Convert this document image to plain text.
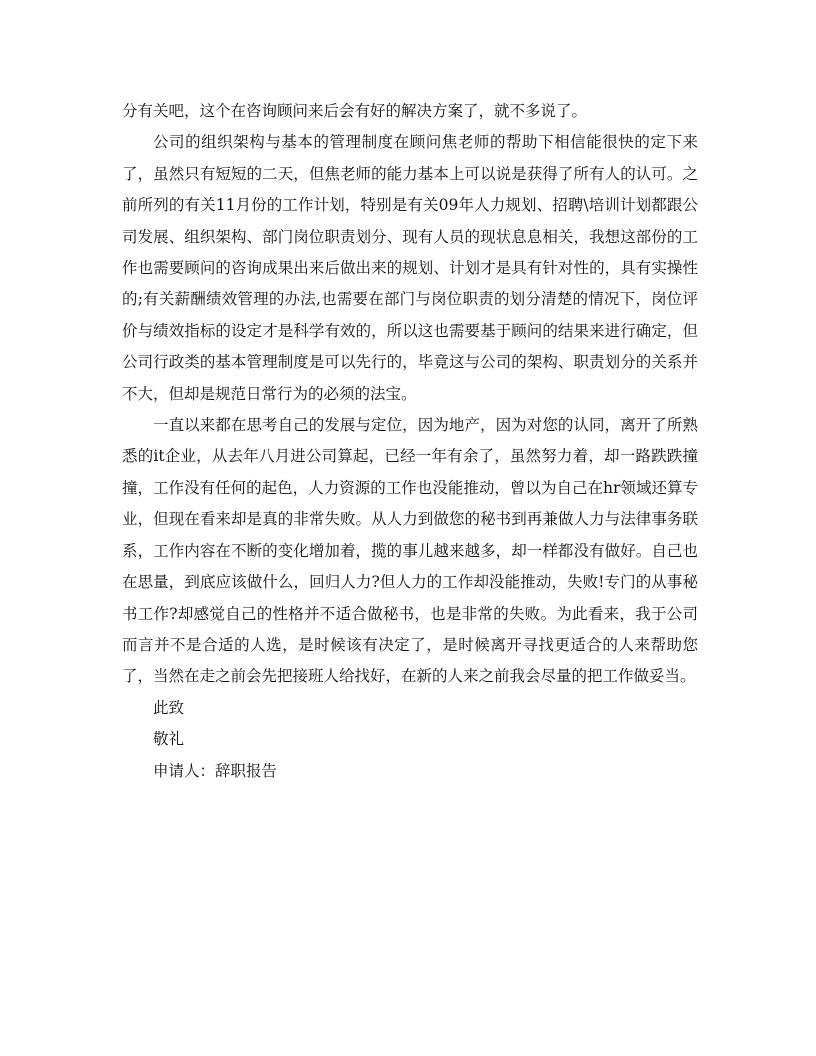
分有关吧，这个在咨询顾问来后会有好的解决方案了，就不多说了。

公司的组织架构与基本的管理制度在顾问焦老师的帮助下相信能很快的定下来了，虽然只有短短的二天，但焦老师的能力基本上可以说是获得了所有人的认可。之前所列的有关11月份的工作计划，特别是有关09年人力规划、招聘\培训计划都跟公司发展、组织架构、部门岗位职责划分、现有人员的现状息息相关，我想这部份的工作也需要顾问的咨询成果出来后做出来的规划、计划才是具有针对性的，具有实操性的;有关薪酬绩效管理的办法,也需要在部门与岗位职责的划分清楚的情况下，岗位评价与绩效指标的设定才是科学有效的，所以这也需要基于顾问的结果来进行确定，但公司行政类的基本管理制度是可以先行的，毕竟这与公司的架构、职责划分的关系并不大，但却是规范日常行为的必须的法宝。

一直以来都在思考自己的发展与定位，因为地产，因为对您的认同，离开了所熟悉的it企业，从去年八月进公司算起，已经一年有余了，虽然努力着，却一路跌跌撞撞，工作没有任何的起色，人力资源的工作也没能推动，曾以为自己在hr领域还算专业，但现在看来却是真的非常失败。从人力到做您的秘书到再兼做人力与法律事务联系，工作内容在不断的变化增加着，揽的事儿越来越多，却一样都没有做好。自己也在思量，到底应该做什么，回归人力?但人力的工作却没能推动，失败!专门的从事秘书工作?却感觉自己的性格并不适合做秘书，也是非常的失败。为此看来，我于公司而言并不是合适的人选，是时候该有决定了，是时候离开寻找更适合的人来帮助您了，当然在走之前会先把接班人给找好，在新的人来之前我会尽量的把工作做妥当。

此致

敬礼

申请人：辞职报告
